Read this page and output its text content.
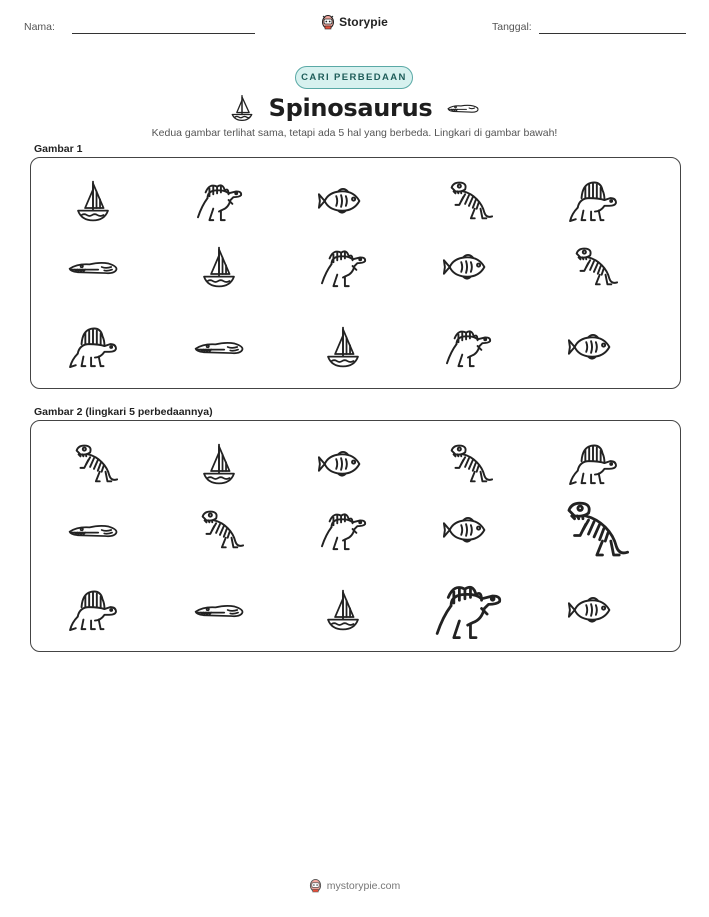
Nama:	Storypie	Tanggal:
CARI PERBEDAAN
Spinosaurus
Kedua gambar terlihat sama, tetapi ada 5 hal yang berbeda. Lingkari di gambar bawah!
Gambar 1
Gambar 2 (lingkari 5 perbedaannya)
mystorypie.com
